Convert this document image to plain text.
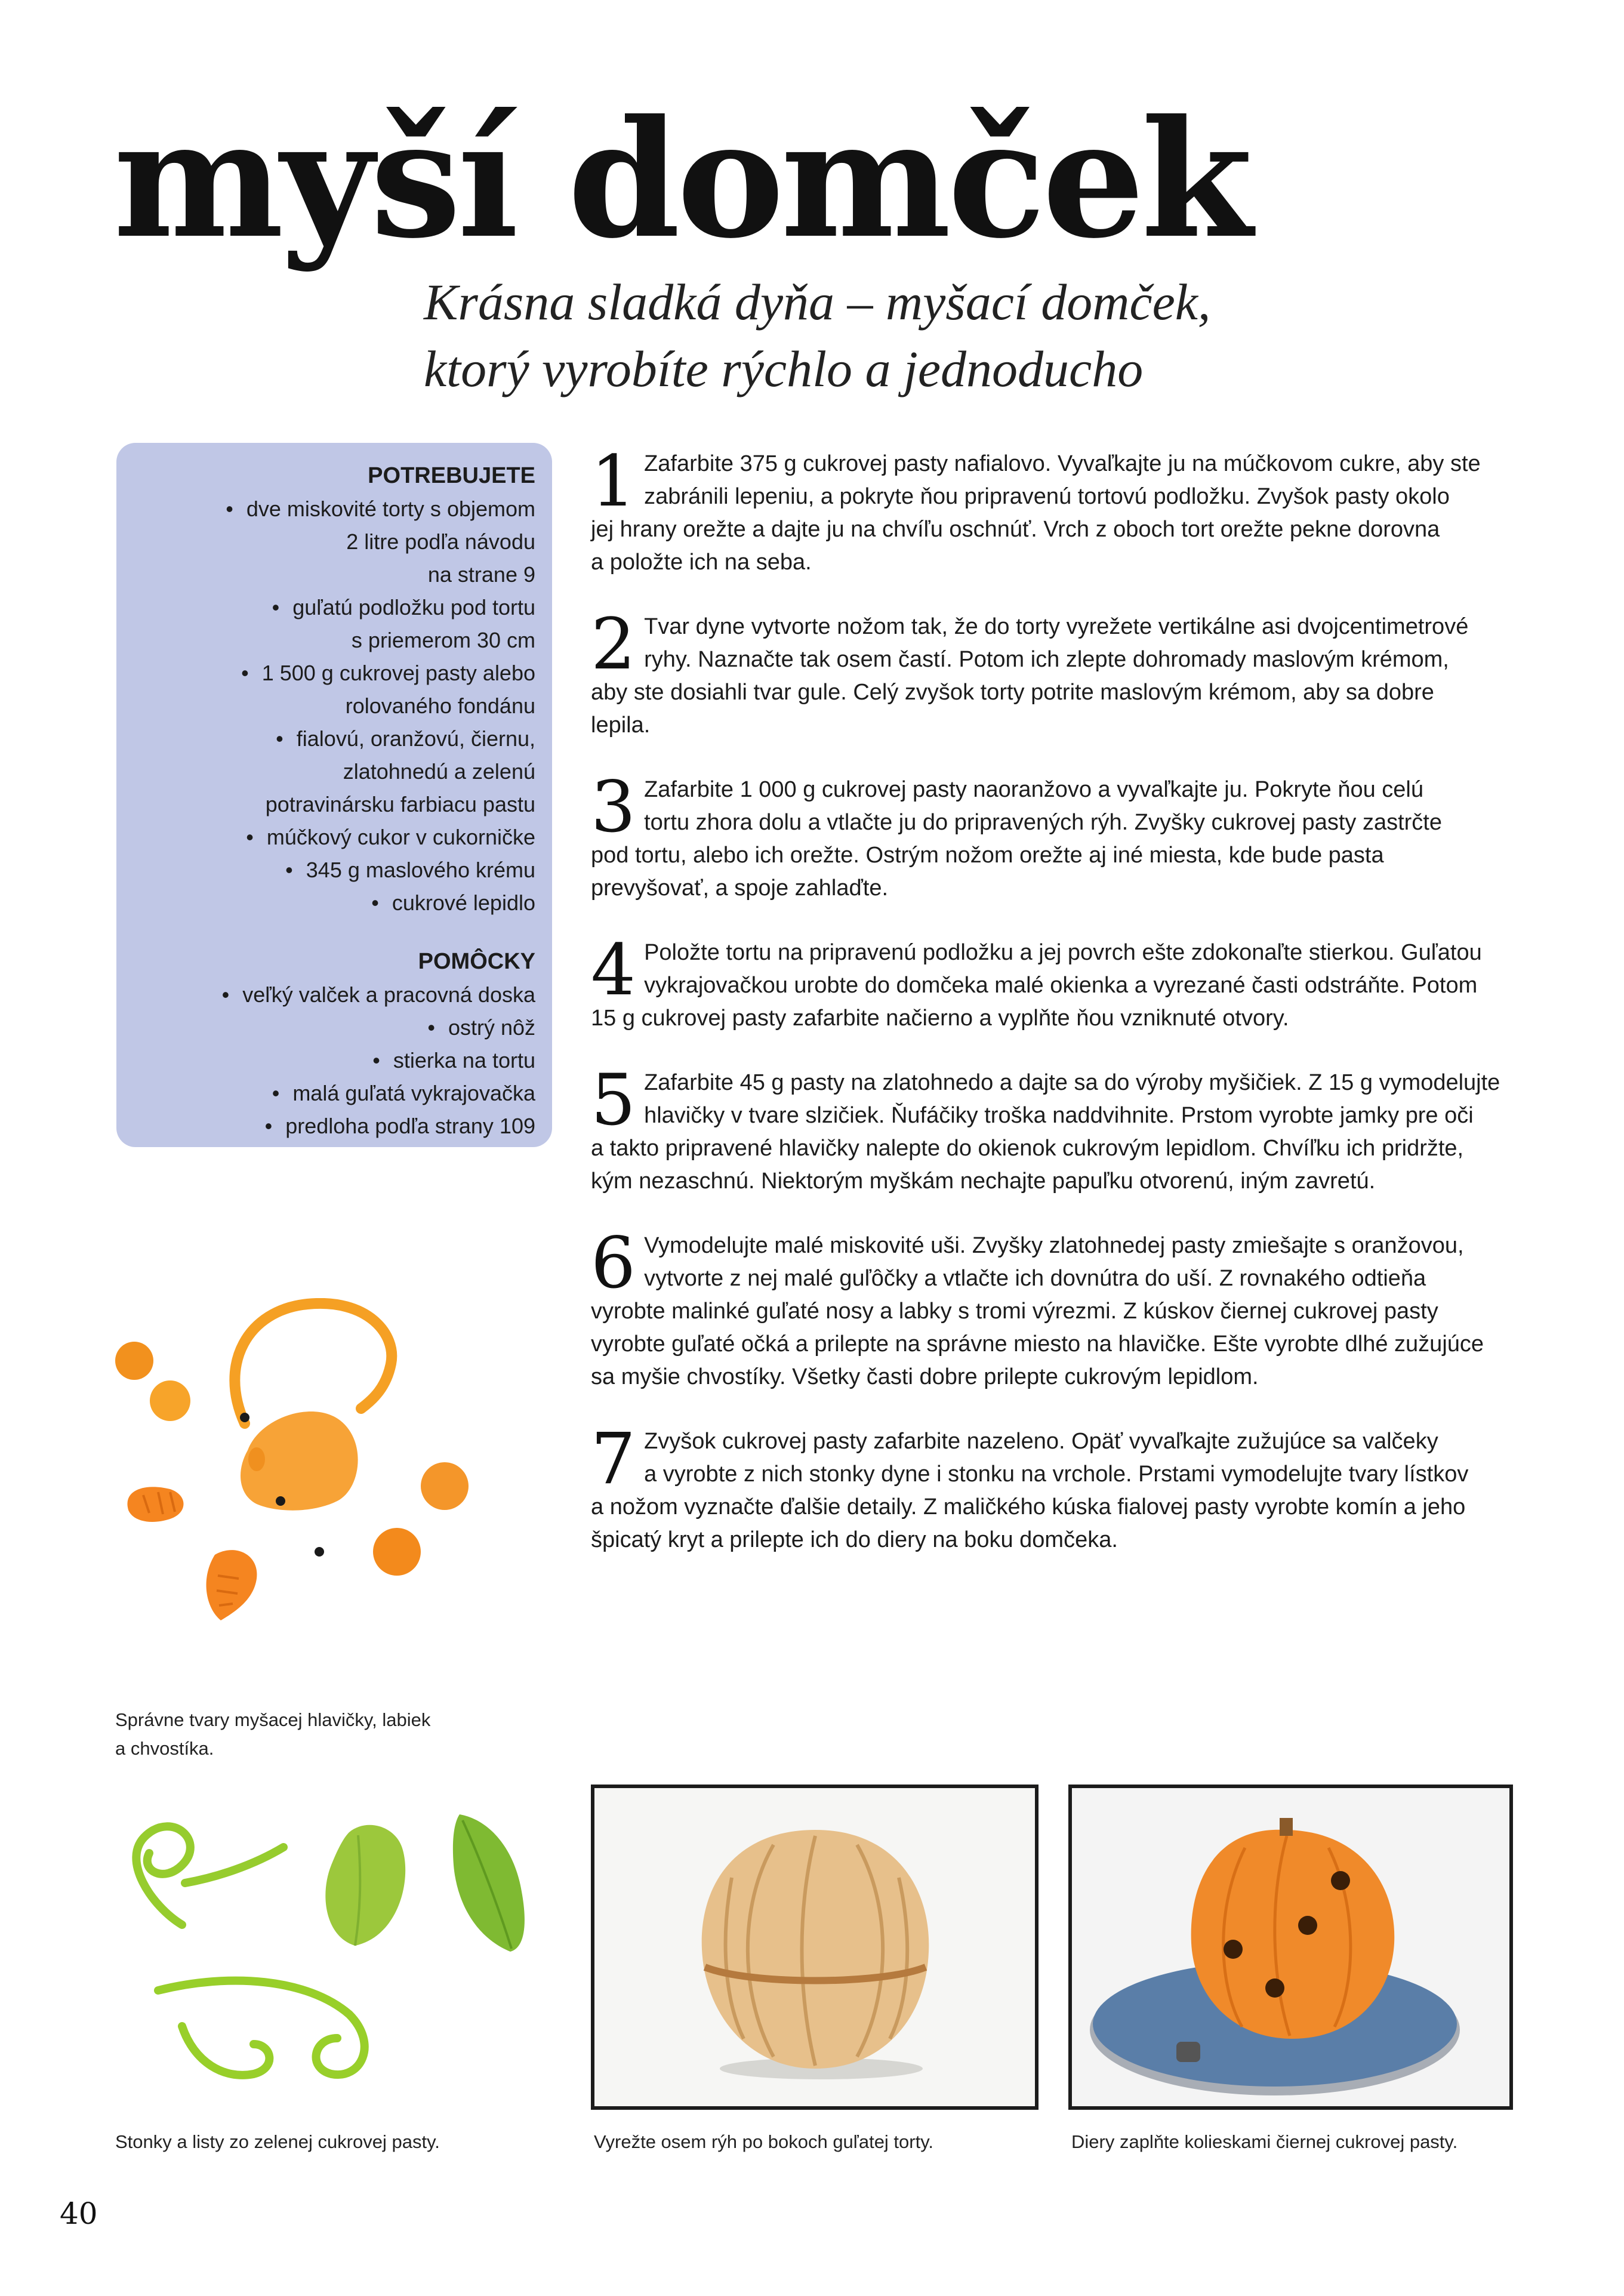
myší domček
Krásna sladká dyňa – myšací domček,
ktorý vyrobíte rýchlo a jednoducho
POTREBUJETE
• dve miskovité torty s objemom
2 litre podľa návodu
na strane 9
• guľatú podložku pod tortu
s priemerom 30 cm
• 1 500 g cukrovej pasty alebo
rolovaného fondánu
• fialovú, oranžovú, čiernu,
zlatohnedú a zelenú
potravinársku farbiacu pastu
• múčkový cukor v cukorničke
• 345 g maslového krému
• cukrové lepidlo
POMÔCKY
• veľký valček a pracovná doska
• ostrý nôž
• stierka na tortu
• malá guľatá vykrajovačka
• predloha podľa strany 109
1 Zafarbite 375 g cukrovej pasty nafialovo. Vyvaľkajte ju na múčkovom cukre, aby ste
zabránili lepeniu, a pokryte ňou pripravenú tortovú podložku. Zvyšok pasty okolo
jej hrany orežte a dajte ju na chvíľu oschnúť. Vrch z oboch tort orežte pekne dorovna
a položte ich na seba.
2 Tvar dyne vytvorte nožom tak, že do torty vyrežete vertikálne asi dvojcentimetrové
ryhy. Naznačte tak osem častí. Potom ich zlepte dohromady maslovým krémom,
aby ste dosiahli tvar gule. Celý zvyšok torty potrite maslovým krémom, aby sa dobre
lepila.
3 Zafarbite 1 000 g cukrovej pasty naoranžovo a vyvaľkajte ju. Pokryte ňou celú
tortu zhora dolu a vtlačte ju do pripravených rýh. Zvyšky cukrovej pasty zastrčte
pod tortu, alebo ich orežte. Ostrým nožom orežte aj iné miesta, kde bude pasta
prevyšovať, a spoje zahlaďte.
4 Položte tortu na pripravenú podložku a jej povrch ešte zdokonaľte stierkou. Guľatou
vykrajovačkou urobte do domčeka malé okienka a vyrezané časti odstráňte. Potom
15 g cukrovej pasty zafarbite načierno a vyplňte ňou vzniknuté otvory.
5 Zafarbite 45 g pasty na zlatohnedo a dajte sa do výroby myšičiek. Z 15 g vymodelujte
hlavičky v tvare slzičiek. Ňufáčiky troška naddvihnite. Prstom vyrobte jamky pre oči
a takto pripravené hlavičky nalepte do okienok cukrovým lepidlom. Chvíľku ich pridržte,
kým nezaschnú. Niektorým myškám nechajte papuľku otvorenú, iným zavretú.
6 Vymodelujte malé miskovité uši. Zvyšky zlatohnedej pasty zmiešajte s oranžovou,
vytvorte z nej malé guľôčky a vtlačte ich dovnútra do uší. Z rovnakého odtieňa
vyrobte malinké guľaté nosy a labky s tromi výrezmi. Z kúskov čiernej cukrovej pasty
vyrobte guľaté očká a prilepte na správne miesto na hlavičke. Ešte vyrobte dlhé zužujúce
sa myšie chvostíky. Všetky časti dobre prilepte cukrovým lepidlom.
7 Zvyšok cukrovej pasty zafarbite nazeleno. Opäť vyvaľkajte zužujúce sa valčeky
a vyrobte z nich stonky dyne i stonku na vrchole. Prstami vymodelujte tvary lístkov
a nožom vyznačte ďalšie detaily. Z maličkého kúska fialovej pasty vyrobte komín a jeho
špicatý kryt a prilepte ich do diery na boku domčeka.
Správne tvary myšacej hlavičky, labiek
a chvostíka.
Stonky a listy zo zelenej cukrovej pasty.	Vyrežte osem rýh po bokoch guľatej torty.	Diery zaplňte kolieskami čiernej cukrovej pasty.
40
